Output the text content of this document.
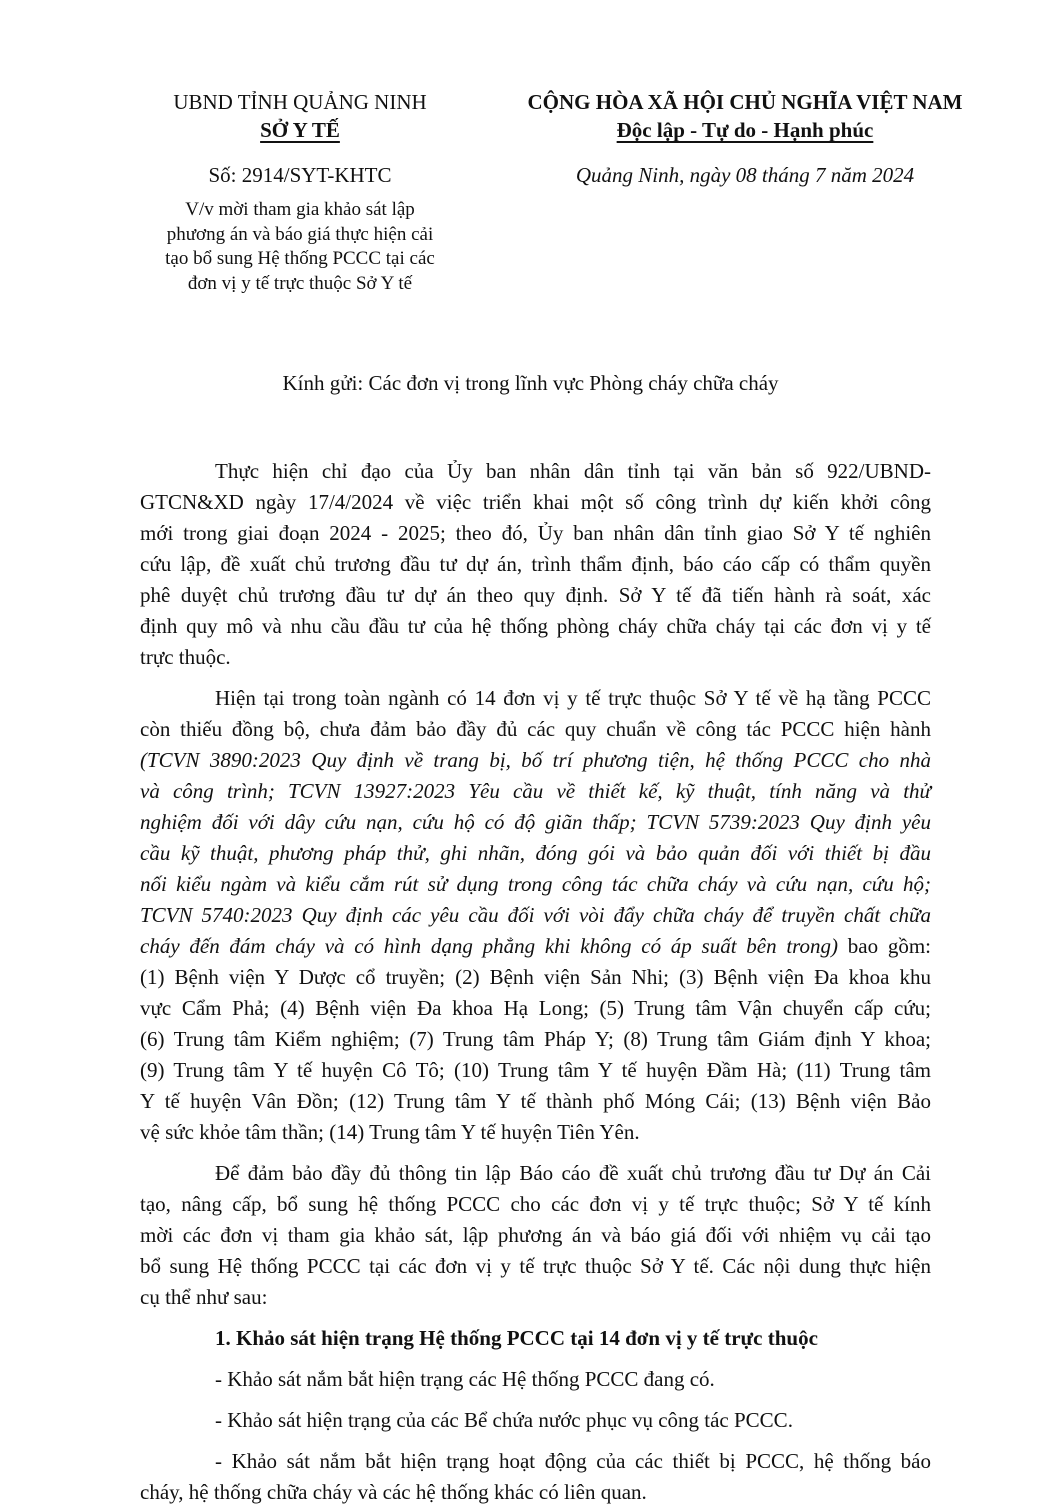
UBND TỈNH QUẢNG NINH
SỞ Y TẾ
CỘNG HÒA XÃ HỘI CHỦ NGHĨA VIỆT NAM
Độc lập - Tự do - Hạnh phúc
Số: 2914/SYT-KHTC	Quảng Ninh, ngày 08 tháng 7 năm 2024
V/v mời tham gia khảo sát lập
phương án và báo giá thực hiện cải
tạo bổ sung Hệ thống PCCC tại các
đơn vị y tế trực thuộc Sở Y tế
Kính gửi: Các đơn vị trong lĩnh vực Phòng cháy chữa cháy
Thực hiện chỉ đạo của Ủy ban nhân dân tỉnh tại văn bản số 922/UBND-
GTCN&XD ngày 17/4/2024 về việc triển khai một số công trình dự kiến khởi công
mới trong giai đoạn 2024 - 2025; theo đó, Ủy ban nhân dân tỉnh giao Sở Y tế nghiên
cứu lập, đề xuất chủ trương đầu tư dự án, trình thẩm định, báo cáo cấp có thẩm quyền
phê duyệt chủ trương đầu tư dự án theo quy định. Sở Y tế đã tiến hành rà soát, xác
định quy mô và nhu cầu đầu tư của hệ thống phòng cháy chữa cháy tại các đơn vị y tế
trực thuộc.
Hiện tại trong toàn ngành có 14 đơn vị y tế trực thuộc Sở Y tế về hạ tầng PCCC
còn thiếu đồng bộ, chưa đảm bảo đầy đủ các quy chuẩn về công tác PCCC hiện hành
(TCVN 3890:2023 Quy định về trang bị, bố trí phương tiện, hệ thống PCCC cho nhà
và công trình; TCVN 13927:2023 Yêu cầu về thiết kế, kỹ thuật, tính năng và thử
nghiệm đối với dây cứu nạn, cứu hộ có độ giãn thấp; TCVN 5739:2023 Quy định yêu
cầu kỹ thuật, phương pháp thử, ghi nhãn, đóng gói và bảo quản đối với thiết bị đầu
nối kiểu ngàm và kiểu cắm rút sử dụng trong công tác chữa cháy và cứu nạn, cứu hộ;
TCVN 5740:2023 Quy định các yêu cầu đối với vòi đẩy chữa cháy để truyền chất chữa
cháy đến đám cháy và có hình dạng phẳng khi không có áp suất bên trong) bao gồm:
(1) Bệnh viện Y Dược cổ truyền; (2) Bệnh viện Sản Nhi; (3) Bệnh viện Đa khoa khu
vực Cẩm Phả; (4) Bệnh viện Đa khoa Hạ Long; (5) Trung tâm Vận chuyển cấp cứu;
(6) Trung tâm Kiểm nghiệm; (7) Trung tâm Pháp Y; (8) Trung tâm Giám định Y khoa;
(9) Trung tâm Y tế huyện Cô Tô; (10) Trung tâm Y tế huyện Đầm Hà; (11) Trung tâm
Y tế huyện Vân Đồn; (12) Trung tâm Y tế thành phố Móng Cái; (13) Bệnh viện Bảo
vệ sức khỏe tâm thần; (14) Trung tâm Y tế huyện Tiên Yên.
Để đảm bảo đầy đủ thông tin lập Báo cáo đề xuất chủ trương đầu tư Dự án Cải
tạo, nâng cấp, bổ sung hệ thống PCCC cho các đơn vị y tế trực thuộc; Sở Y tế kính
mời các đơn vị tham gia khảo sát, lập phương án và báo giá đối với nhiệm vụ cải tạo
bổ sung Hệ thống PCCC tại các đơn vị y tế trực thuộc Sở Y tế. Các nội dung thực hiện
cụ thể như sau:
1. Khảo sát hiện trạng Hệ thống PCCC tại 14 đơn vị y tế trực thuộc
- Khảo sát nắm bắt hiện trạng các Hệ thống PCCC đang có.
- Khảo sát hiện trạng của các Bể chứa nước phục vụ công tác PCCC.
- Khảo sát nắm bắt hiện trạng hoạt động của các thiết bị PCCC, hệ thống báo
cháy, hệ thống chữa cháy và các hệ thống khác có liên quan.
